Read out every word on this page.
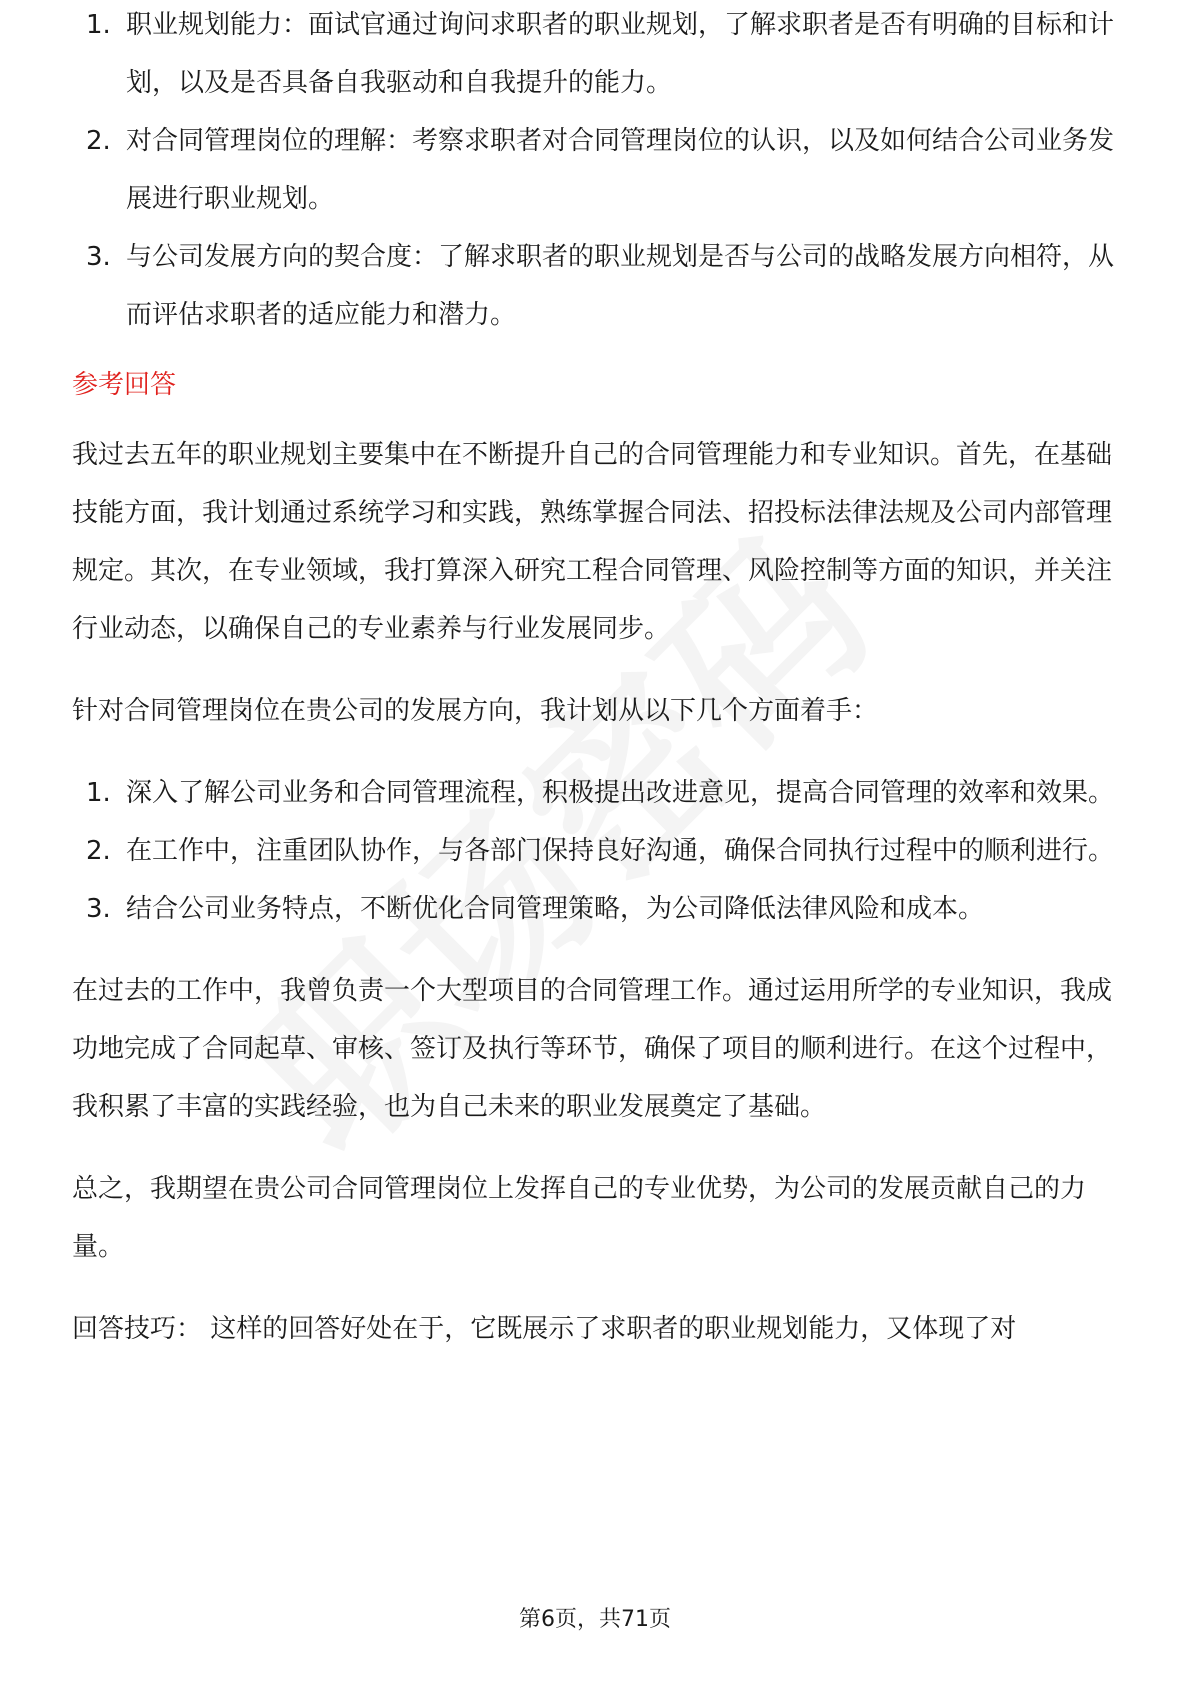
1. 职业规划能力：面试官通过询问求职者的职业规划，了解求职者是否有明确的目标和计划，以及是否具备自我驱动和自我提升的能力。
2. 对合同管理岗位的理解：考察求职者对合同管理岗位的认识，以及如何结合公司业务发展进行职业规划。
3. 与公司发展方向的契合度：了解求职者的职业规划是否与公司的战略发展方向相符，从而评估求职者的适应能力和潜力。
参考回答

我过去五年的职业规划主要集中在不断提升自己的合同管理能力和专业知识。首先，在基础技能方面，我计划通过系统学习和实践，熟练掌握合同法、招投标法律法规及公司内部管理规定。其次，在专业领域，我打算深入研究工程合同管理、风险控制等方面的知识，并关注行业动态，以确保自己的专业素养与行业发展同步。

针对合同管理岗位在贵公司的发展方向，我计划从以下几个方面着手：

1. 深入了解公司业务和合同管理流程，积极提出改进意见，提高合同管理的效率和效果。
2. 在工作中，注重团队协作，与各部门保持良好沟通，确保合同执行过程中的顺利进行。
3. 结合公司业务特点，不断优化合同管理策略，为公司降低法律风险和成本。

在过去的工作中，我曾负责一个大型项目的合同管理工作。通过运用所学的专业知识，我成功地完成了合同起草、审核、签订及执行等环节，确保了项目的顺利进行。在这个过程中，我积累了丰富的实践经验，也为自己未来的职业发展奠定了基础。

总之，我期望在贵公司合同管理岗位上发挥自己的专业优势，为公司的发展贡献自己的力量。

回答技巧： 这样的回答好处在于，它既展示了求职者的职业规划能力，又体现了对

第6页，共71页
